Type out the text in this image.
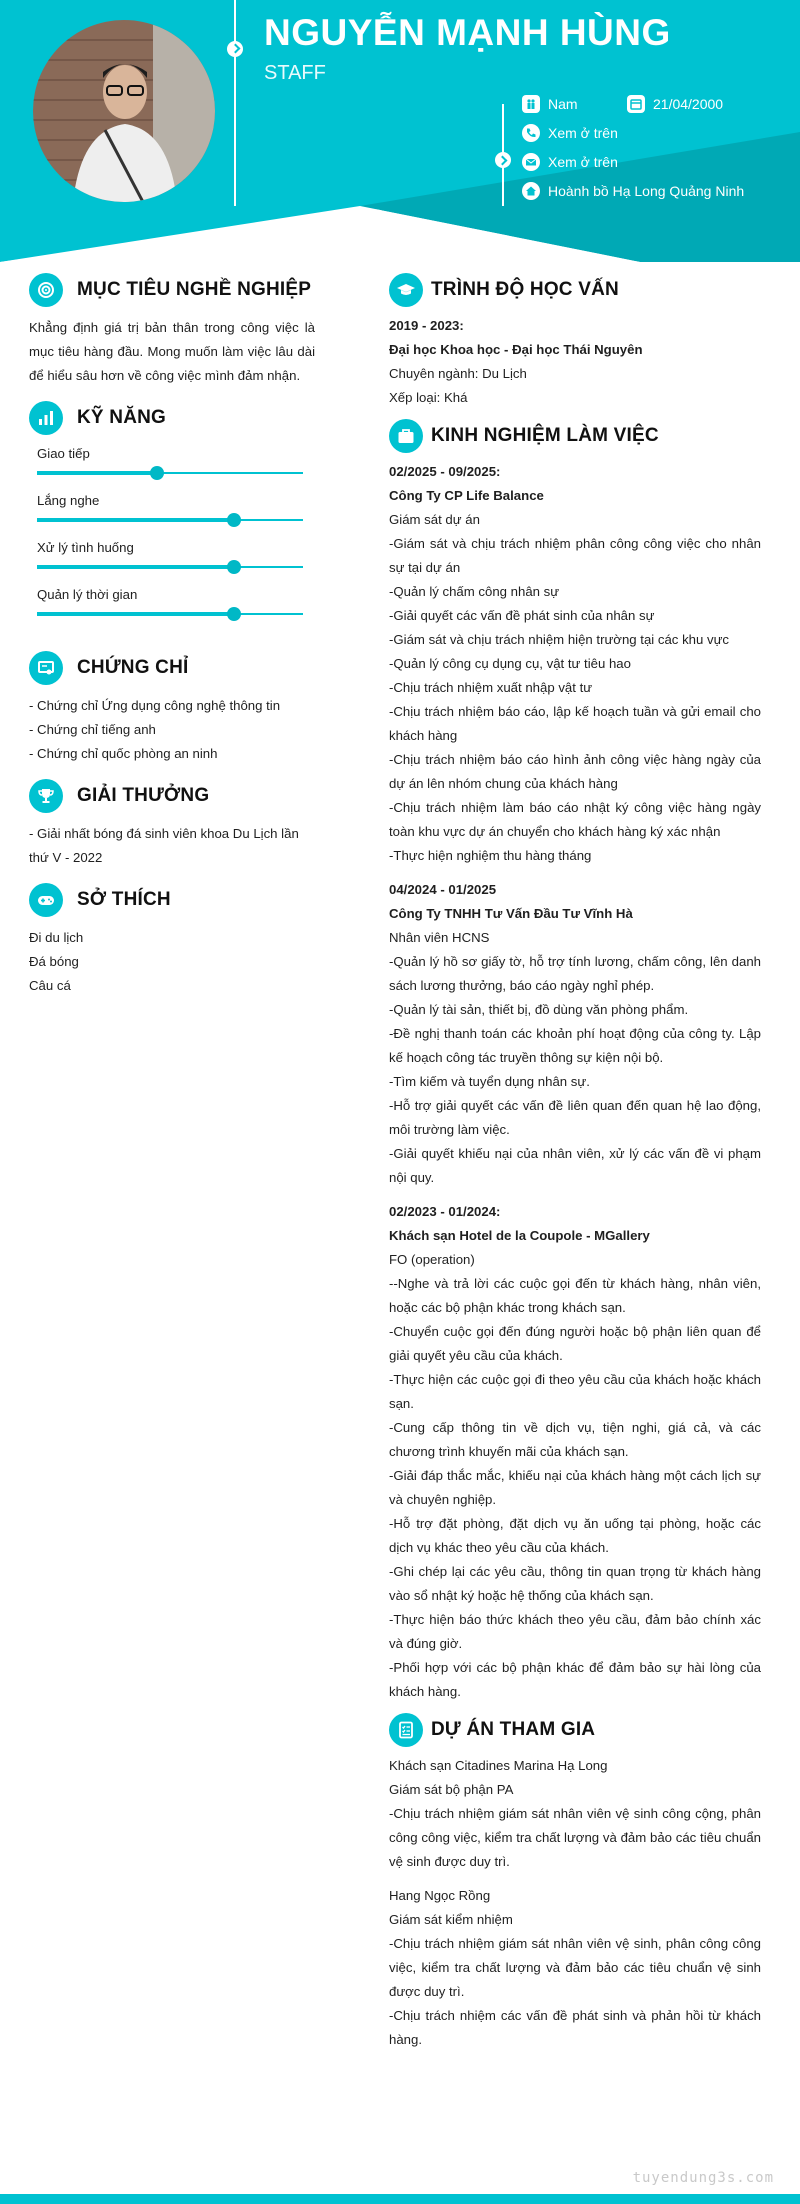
NGUYỄN MẠNH HÙNG
STAFF
Nam	21/04/2000
Xem ở trên
Xem ở trên
Hoành bồ Hạ Long Quảng Ninh
MỤC TIÊU NGHỀ NGHIỆP
Khẳng định giá trị bản thân trong công việc là mục tiêu hàng đầu. Mong muốn làm việc lâu dài để hiểu sâu hơn về công việc mình đảm nhận.
KỸ NĂNG
Giao tiếp
Lắng nghe
Xử lý tình huống
Quản lý thời gian
CHỨNG CHỈ
- Chứng chỉ Ứng dụng công nghệ thông tin
- Chứng chỉ tiếng anh
- Chứng chỉ quốc phòng an ninh
GIẢI THƯỞNG
- Giải nhất bóng đá sinh viên khoa Du Lịch lần thứ V - 2022
SỞ THÍCH
Đi du lịch
Đá bóng
Câu cá
TRÌNH ĐỘ HỌC VẤN
2019 - 2023:
Đại học Khoa học - Đại học Thái Nguyên
Chuyên ngành: Du Lịch
Xếp loại: Khá
KINH NGHIỆM LÀM VIỆC
02/2025 - 09/2025:
Công Ty CP Life Balance
Giám sát dự án
-Giám sát và chịu trách nhiệm phân công công việc cho nhân sự tại dự án
-Quản lý chấm công nhân sự
-Giải quyết các vấn đề phát sinh của nhân sự
-Giám sát và chịu trách nhiệm hiện trường tại các khu vực
-Quản lý công cụ dụng cụ, vật tư tiêu hao
-Chịu trách nhiệm xuất nhập vật tư
-Chịu trách nhiệm báo cáo, lập kế hoạch tuần và gửi email cho khách hàng
-Chịu trách nhiệm báo cáo hình ảnh công việc hàng ngày của dự án lên nhóm chung của khách hàng
-Chịu trách nhiệm làm báo cáo nhật ký công việc hàng ngày toàn khu vực dự án chuyển cho khách hàng ký xác nhận
-Thực hiện nghiệm thu hàng tháng
04/2024 - 01/2025
Công Ty TNHH Tư Vấn Đầu Tư Vĩnh Hà
Nhân viên HCNS
-Quản lý hồ sơ giấy tờ, hỗ trợ tính lương, chấm công, lên danh sách lương thưởng, báo cáo ngày nghỉ phép.
-Quản lý tài sản, thiết bị, đồ dùng văn phòng phẩm.
-Đề nghị thanh toán các khoản phí hoạt động của công ty. Lập kế hoạch công tác truyền thông sự kiện nội bộ.
-Tìm kiếm và tuyển dụng nhân sự.
-Hỗ trợ giải quyết các vấn đề liên quan đến quan hệ lao động, môi trường làm việc.
-Giải quyết khiếu nại của nhân viên, xử lý các vấn đề vi phạm nội quy.
02/2023 - 01/2024:
Khách sạn Hotel de la Coupole - MGallery
FO (operation)
--Nghe và trả lời các cuộc gọi đến từ khách hàng, nhân viên, hoặc các bộ phận khác trong khách sạn.
-Chuyển cuộc gọi đến đúng người hoặc bộ phận liên quan để giải quyết yêu cầu của khách.
-Thực hiện các cuộc gọi đi theo yêu cầu của khách hoặc khách sạn.
-Cung cấp thông tin về dịch vụ, tiện nghi, giá cả, và các chương trình khuyến mãi của khách sạn.
-Giải đáp thắc mắc, khiếu nại của khách hàng một cách lịch sự và chuyên nghiệp.
-Hỗ trợ đặt phòng, đặt dịch vụ ăn uống tại phòng, hoặc các dịch vụ khác theo yêu cầu của khách.
-Ghi chép lại các yêu cầu, thông tin quan trọng từ khách hàng vào sổ nhật ký hoặc hệ thống của khách sạn.
-Thực hiện báo thức khách theo yêu cầu, đảm bảo chính xác và đúng giờ.
-Phối hợp với các bộ phận khác để đảm bảo sự hài lòng của khách hàng.
DỰ ÁN THAM GIA
Khách sạn Citadines Marina Hạ Long
Giám sát bộ phận PA
-Chịu trách nhiệm giám sát nhân viên vệ sinh công cộng, phân công công việc, kiểm tra chất lượng và đảm bảo các tiêu chuẩn vệ sinh được duy trì.
Hang Ngọc Rồng
Giám sát kiểm nhiệm
-Chịu trách nhiệm giám sát nhân viên vệ sinh, phân công công việc, kiểm tra chất lượng và đảm bảo các tiêu chuẩn vệ sinh được duy trì.
-Chịu trách nhiệm các vấn đề phát sinh và phản hồi từ khách hàng.
tuyendung3s.com
